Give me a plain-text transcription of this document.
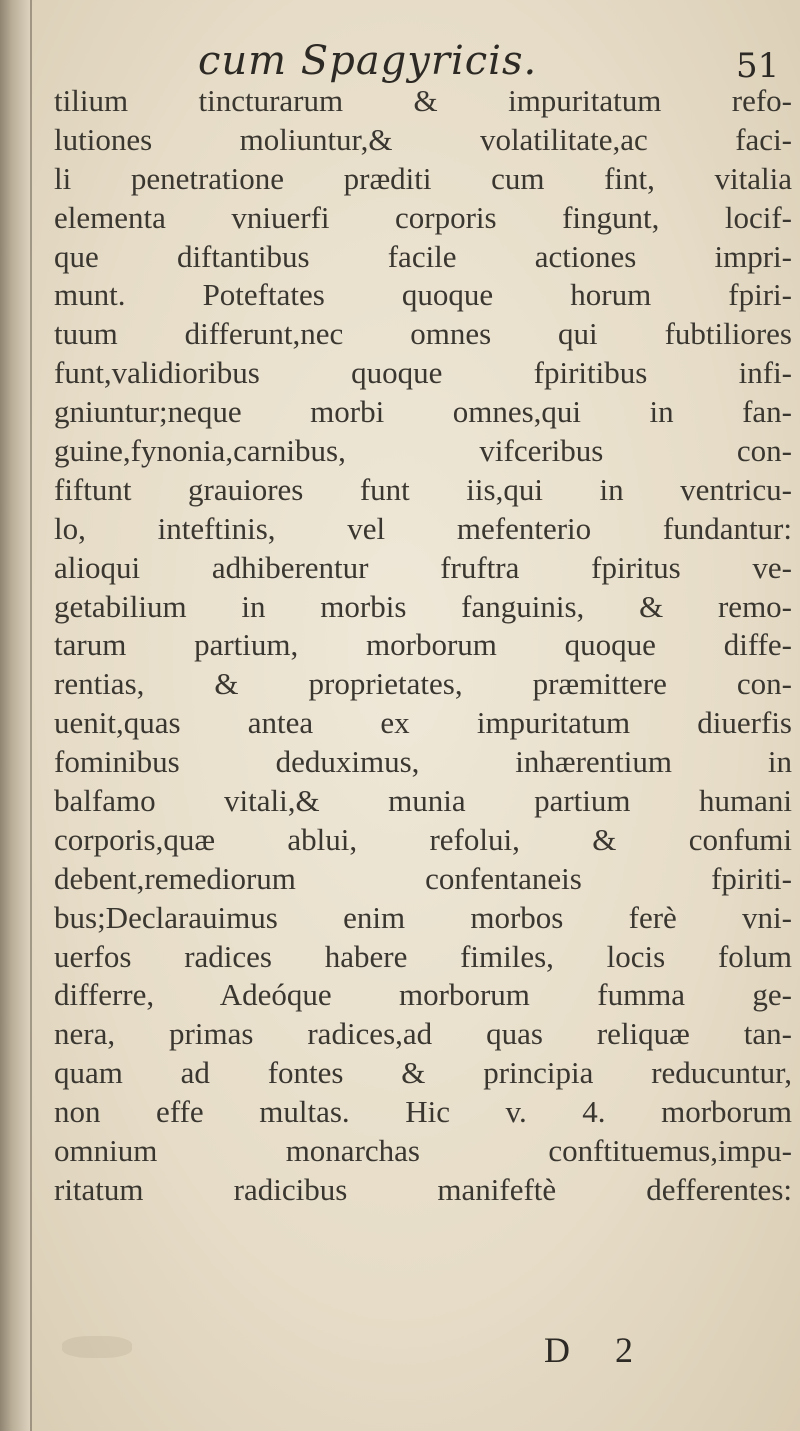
cum Spagyricis.	51
tilium tincturarum & impuritatum refo-
lutiones moliuntur,& volatilitate,ac faci-
li penetratione præditi cum fint, vitalia
elementa vniuerfi corporis fingunt, locif-
que diftantibus facile actiones impri-
munt. Poteftates quoque horum fpiri-
tuum differunt,nec omnes qui fubtiliores
funt,validioribus quoque fpiritibus infi-
gniuntur;neque morbi omnes,qui in fan-
guine,fynonia,carnibus, vifceribus con-
fiftunt grauiores funt iis,qui in ventricu-
lo, inteftinis, vel mefenterio fundantur:
alioqui adhiberentur fruftra fpiritus ve-
getabilium in morbis fanguinis, & remo-
tarum partium, morborum quoque diffe-
rentias, & proprietates, præmittere con-
uenit,quas antea ex impuritatum diuerfis
fominibus deduximus, inhærentium in
balfamo vitali,& munia partium humani
corporis,quæ ablui, refolui, & confumi
debent,remediorum confentaneis fpiriti-
bus;Declarauimus enim morbos ferè vni-
uerfos radices habere fimiles, locis folum
differre, Adeóque morborum fumma ge-
nera, primas radices,ad quas reliquæ tan-
quam ad fontes & principia reducuntur,
non effe multas. Hic v. 4. morborum
omnium monarchas conftituemus,impu-
ritatum radicibus manifeftè defferentes:
D 2
